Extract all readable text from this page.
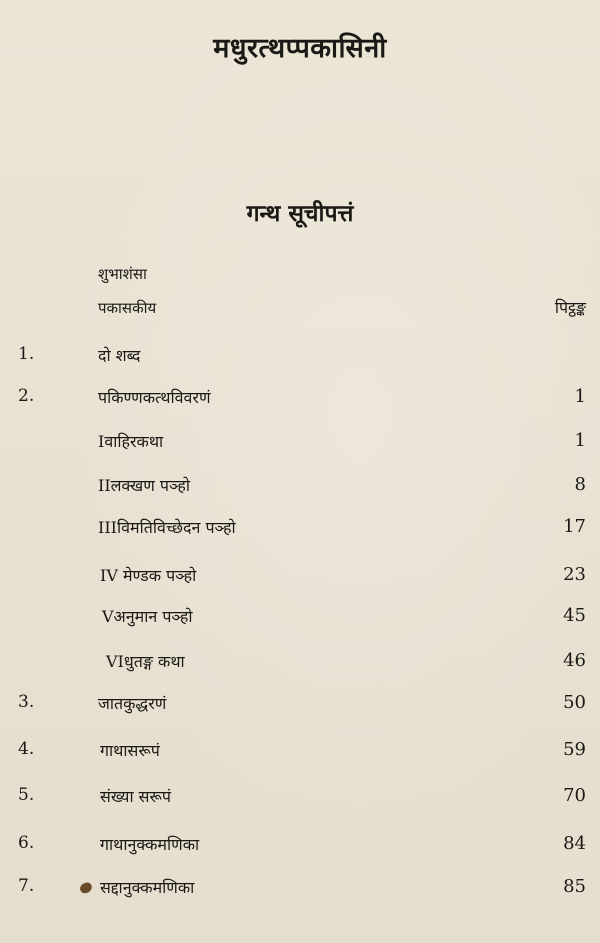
मधुरत्थप्पकासिनी
गन्थ सूचीपत्तं
शुभाशंसा
पकासकीय	पिट्ठङ्क
1.	दो शब्द
2.	पकिण्णकत्थविवरणं	1
Iवाहिरकथा	1
IIलक्खण पञ्हो	8
IIIविमतिविच्छेदन पञ्हो	17
IV मेण्डक पञ्हो	23
Vअनुमान पञ्हो	45
VIधुतङ्ग कथा	46
3.	जातकुद्धरणं	50
4.	गाथासरूपं	59
5.	संख्या सरूपं	70
6.	गाथानुक्कमणिका	84
7.	सद्दानुक्कमणिका	85
